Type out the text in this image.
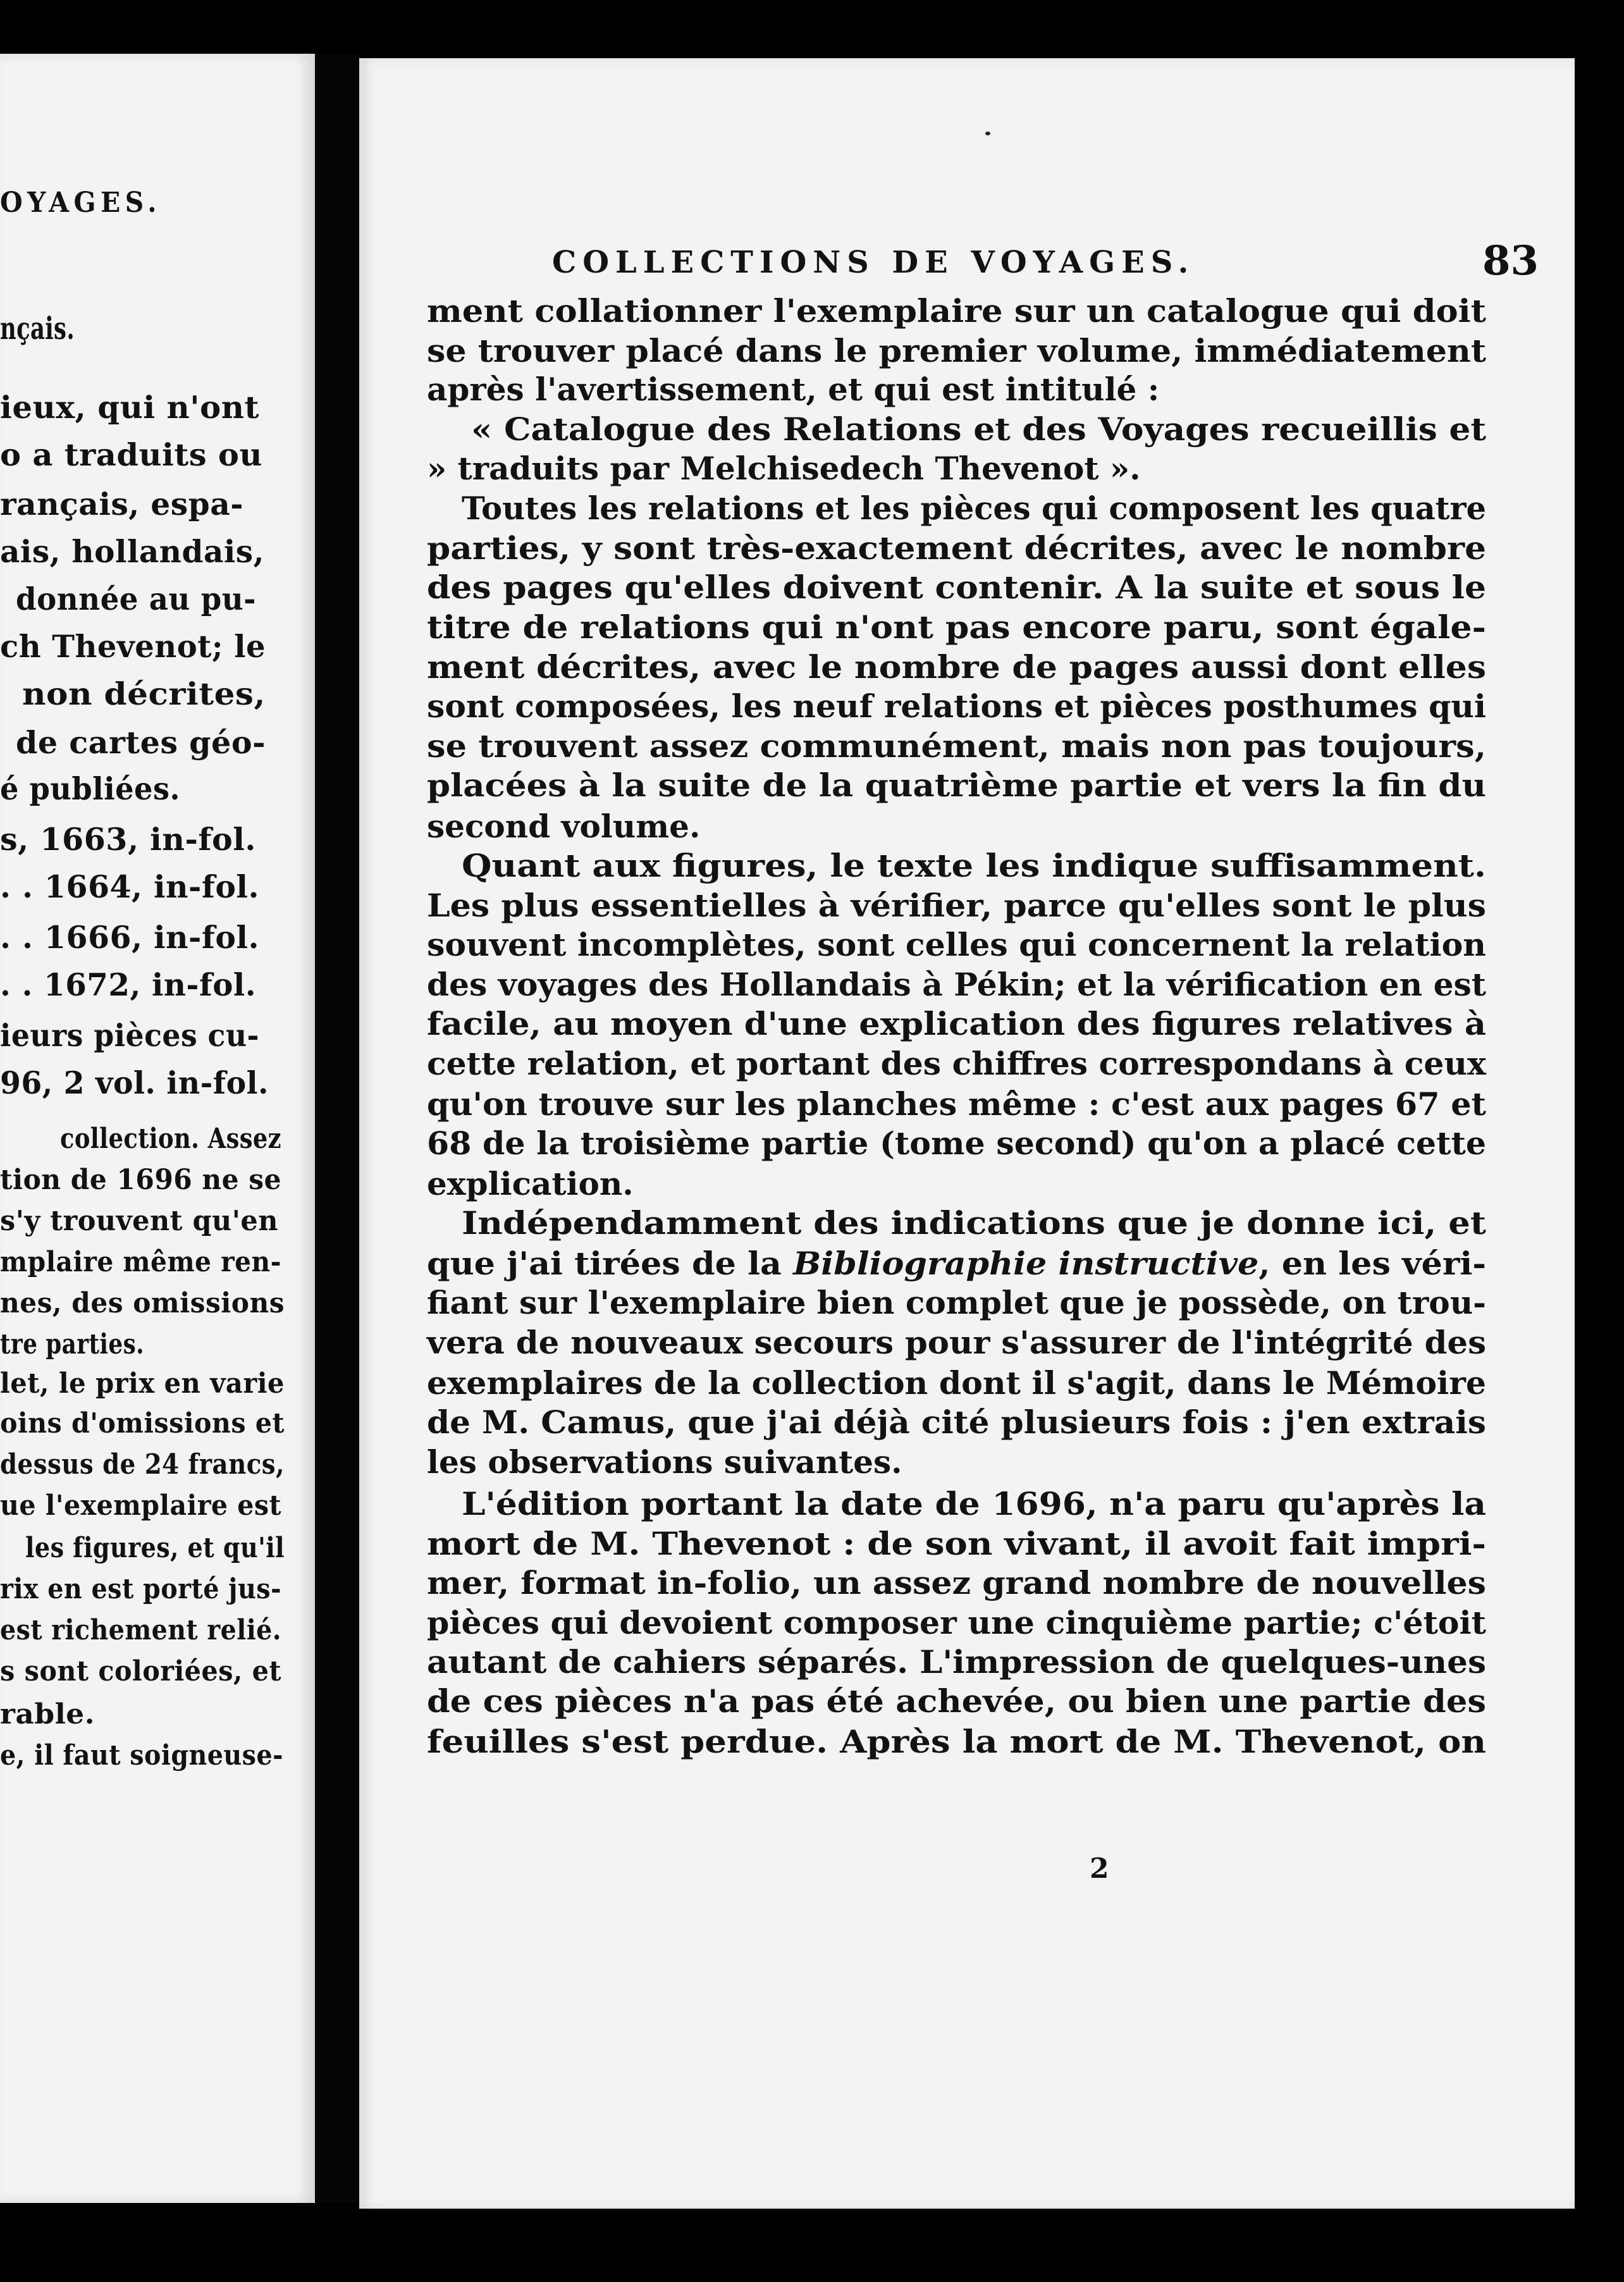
OYAGES.
nçais.
ieux, qui n'ont
o a traduits ou
rançais, espa-
ais, hollandais,
donnée au pu-
ch Thevenot; le
non décrites,
de cartes géo-
é publiées.
s, 1663, in-fol.
. . 1664, in-fol.
. . 1666, in-fol.
. . 1672, in-fol.
ieurs pièces cu-
96, 2 vol. in-fol.
collection. Assez
tion de 1696 ne se
s'y trouvent qu'en
mplaire même ren-
nes, des omissions
tre parties.
let, le prix en varie
oins d'omissions et
dessus de 24 francs,
ue l'exemplaire est
les figures, et qu'il
rix en est porté jus-
est richement relié.
s sont coloriées, et
rable.
e, il faut soigneuse-
COLLECTIONS DE VOYAGES.	83
ment collationner l'exemplaire sur un catalogue qui doit
se trouver placé dans le premier volume, immédiatement
après l'avertissement, et qui est intitulé :
« Catalogue des Relations et des Voyages recueillis et
» traduits par Melchisedech Thevenot ».
Toutes les relations et les pièces qui composent les quatre
parties, y sont très-exactement décrites, avec le nombre
des pages qu'elles doivent contenir. A la suite et sous le
titre de relations qui n'ont pas encore paru, sont égale-
ment décrites, avec le nombre de pages aussi dont elles
sont composées, les neuf relations et pièces posthumes qui
se trouvent assez communément, mais non pas toujours,
placées à la suite de la quatrième partie et vers la fin du
second volume.
Quant aux figures, le texte les indique suffisamment.
Les plus essentielles à vérifier, parce qu'elles sont le plus
souvent incomplètes, sont celles qui concernent la relation
des voyages des Hollandais à Pékin; et la vérification en est
facile, au moyen d'une explication des figures relatives à
cette relation, et portant des chiffres correspondans à ceux
qu'on trouve sur les planches même : c'est aux pages 67 et
68 de la troisième partie (tome second) qu'on a placé cette
explication.
Indépendamment des indications que je donne ici, et
que j'ai tirées de la Bibliographie instructive, en les véri-
fiant sur l'exemplaire bien complet que je possède, on trou-
vera de nouveaux secours pour s'assurer de l'intégrité des
exemplaires de la collection dont il s'agit, dans le Mémoire
de M. Camus, que j'ai déjà cité plusieurs fois : j'en extrais
les observations suivantes.
L'édition portant la date de 1696, n'a paru qu'après la
mort de M. Thevenot : de son vivant, il avoit fait impri-
mer, format in-folio, un assez grand nombre de nouvelles
pièces qui devoient composer une cinquième partie; c'étoit
autant de cahiers séparés. L'impression de quelques-unes
de ces pièces n'a pas été achevée, ou bien une partie des
feuilles s'est perdue. Après la mort de M. Thevenot, on
2
